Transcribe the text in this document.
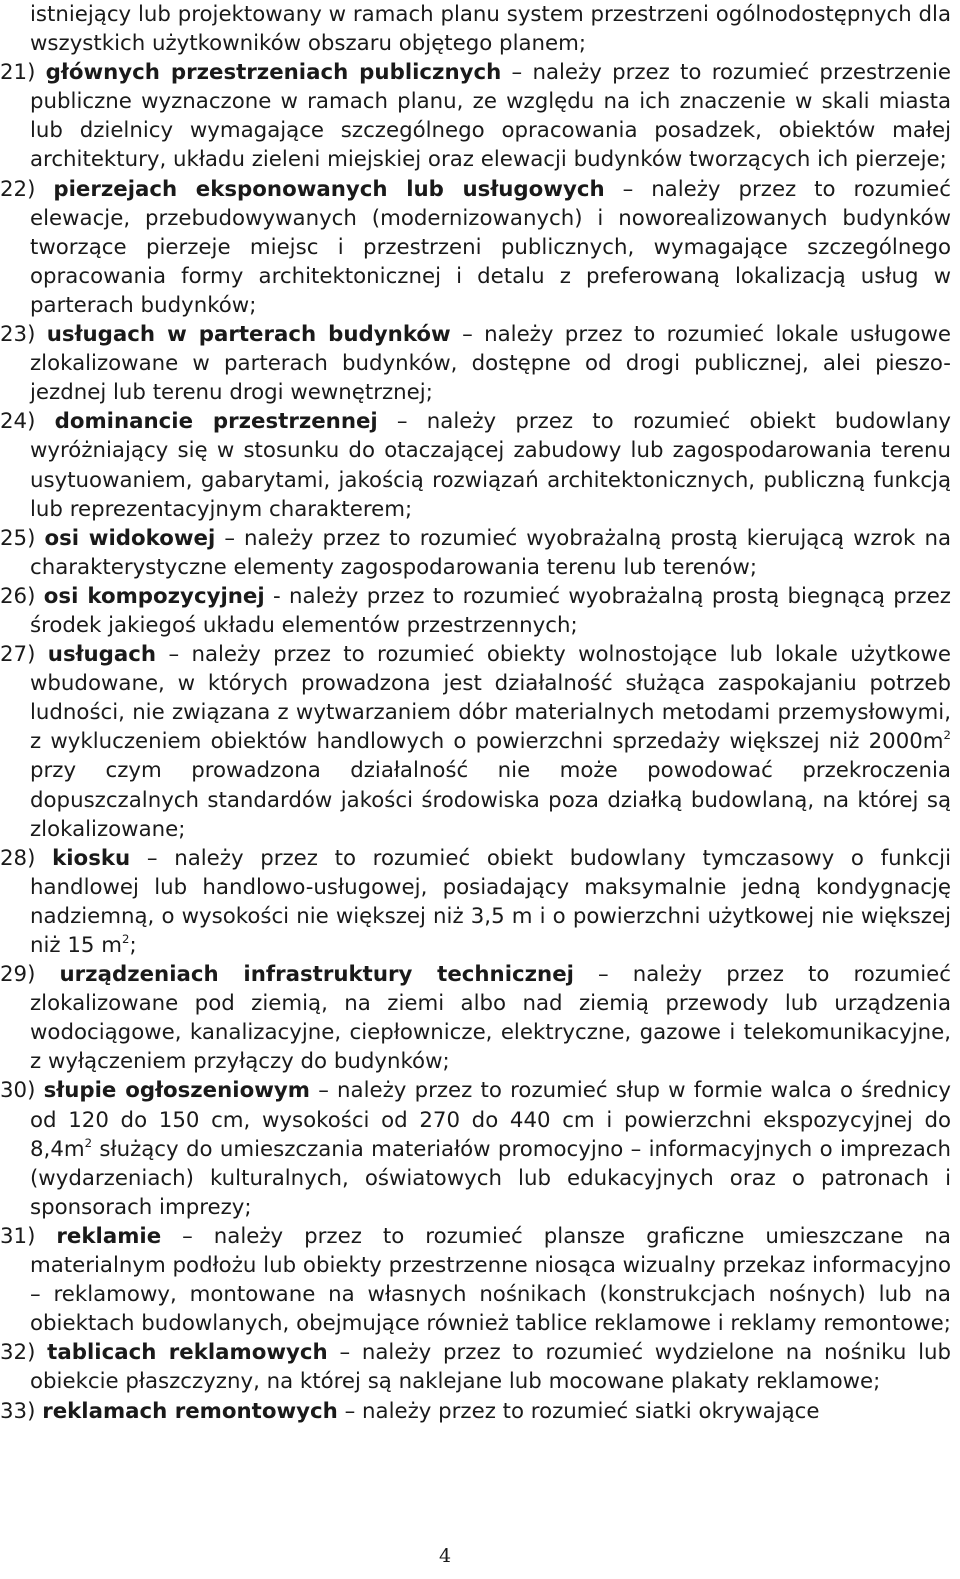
istniejący lub projektowany w ramach planu system przestrzeni ogólnodostępnych dla wszystkich użytkowników obszaru objętego planem;

21) głównych przestrzeniach publicznych – należy przez to rozumieć przestrzenie publiczne wyznaczone w ramach planu, ze względu na ich znaczenie w skali miasta lub dzielnicy wymagające szczególnego opracowania posadzek, obiektów małej architektury, układu zieleni miejskiej oraz elewacji budynków tworzących ich pierzeje;

22) pierzejach eksponowanych lub usługowych – należy przez to rozumieć elewacje, przebudowywanych (modernizowanych) i noworealizowanych budynków tworzące pierzeje miejsc i przestrzeni publicznych, wymagające szczególnego opracowania formy architektonicznej i detalu z preferowaną lokalizacją usług w parterach budynków;

23) usługach w parterach budynków – należy przez to rozumieć lokale usługowe zlokalizowane w parterach budynków, dostępne od drogi publicznej, alei pieszo-jezdnej lub terenu drogi wewnętrznej;

24) dominancie przestrzennej – należy przez to rozumieć obiekt budowlany wyróżniający się w stosunku do otaczającej zabudowy lub zagospodarowania terenu usytuowaniem, gabarytami, jakością rozwiązań architektonicznych, publiczną funkcją lub reprezentacyjnym charakterem;

25) osi widokowej – należy przez to rozumieć wyobrażalną prostą kierującą wzrok na charakterystyczne elementy zagospodarowania terenu lub terenów;

26) osi kompozycyjnej - należy przez to rozumieć wyobrażalną prostą biegnącą przez środek jakiegoś układu elementów przestrzennych;

27) usługach – należy przez to rozumieć obiekty wolnostojące lub lokale użytkowe wbudowane, w których prowadzona jest działalność służąca zaspokajaniu potrzeb ludności, nie związana z wytwarzaniem dóbr materialnych metodami przemysłowymi, z wykluczeniem obiektów handlowych o powierzchni sprzedaży większej niż $2000m^2$ przy czym prowadzona działalność nie może powodować przekroczenia dopuszczalnych standardów jakości środowiska poza działką budowlaną, na której są zlokalizowane;

28) kiosku – należy przez to rozumieć obiekt budowlany tymczasowy o funkcji handlowej lub handlowo-usługowej, posiadający maksymalnie jedną kondygnację nadziemną, o wysokości nie większej niż 3,5 m i o powierzchni użytkowej nie większej niż 15 $m^2$;

29) urządzeniach infrastruktury technicznej – należy przez to rozumieć zlokalizowane pod ziemią, na ziemi albo nad ziemią przewody lub urządzenia wodociągowe, kanalizacyjne, ciepłownicze, elektryczne, gazowe i telekomunikacyjne, z wyłączeniem przyłączy do budynków;

30) słupie ogłoszeniowym – należy przez to rozumieć słup w formie walca o średnicy od 120 do 150 cm, wysokości od 270 do 440 cm i powierzchni ekspozycyjnej do $8,4m^2$ służący do umieszczania materiałów promocyjno – informacyjnych o imprezach (wydarzeniach) kulturalnych, oświatowych lub edukacyjnych oraz o patronach i sponsorach imprezy;

31) reklamie – należy przez to rozumieć plansze graficzne umieszczane na materialnym podłożu lub obiekty przestrzenne niosąca wizualny przekaz informacyjno – reklamowy, montowane na własnych nośnikach (konstrukcjach nośnych) lub na obiektach budowlanych, obejmujące również tablice reklamowe i reklamy remontowe;

32) tablicach reklamowych – należy przez to rozumieć wydzielone na nośniku lub obiekcie płaszczyzny, na której są naklejane lub mocowane plakaty reklamowe;

33) reklamach remontowych – należy przez to rozumieć siatki okrywające

4
